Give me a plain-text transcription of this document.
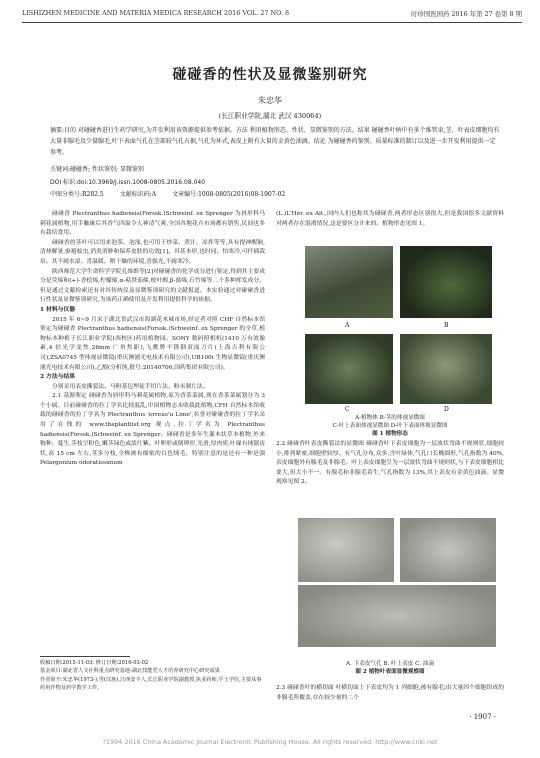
LISHIZHEN MEDICINE AND MATERIA MEDICA RESEARCH 2016 VOL. 27 NO. 8	时珍国医国药 2016 年第 27 卷第 8 期
碰碰香的性状及显微鉴别研究
朱忠华
(长江职业学院,湖北 武汉 430064)
摘要:目的 对碰碰香进行生药学研究,为开发利用该资源提供参考依据。方法 利用植物形态、性状、显微鉴别的方法。结果 碰碰香叶柄中有多个维管束,茎、叶表皮细胞均有大量非腺毛及少量腺毛,叶下表面气孔在茎部较气孔占据,气孔为环式,表皮上附有大量的金黄色油滴。结论 为碰碰香的鉴别、质量标准的制订以及进一步开发利用提供一定参考。
关键词:碰碰香; 性状鉴别; 显微鉴别
DOI 标识:doi:10.3969/j.issn.1008-0805.2016.08.040
中图分类号:R282.5	文献标识码:A	文章编号:1008-0805(2016)08-1907-02

碰碰香 Plectranthus hadiensis(Forssk.)Schweinf. ex Sprenger 为唇形科马刺花属植物,用手触碰后其香气四溢令人神清气爽,全国各地花卉市场都有销售,民间也多有栽培食用。

碰碰香的茎叶可以用来泡茶、泡澡,也可用于炒菜、煮汁、凉拌等等,具有提神醒脑,清热解暑,驱避蚊虫,消炎消肿和保养皮肤的功效[1]。其基本形,也时同。怕寒冷,可扦插栽培。其不耐水湿。喜温暖、稍干燥的环境,喜强光,不耐寒冷。

陕西师范大学生命科学学院孔维维等[2]对碰碰香的化学成分进行鉴定,得到其主要成分是荧烯和(+)-香桧烯,柠檬烯,α-萜澄茄烯,桉叶醇,β-蒎烯,石竹烯等二十多种挥发成分。但是通过文献检索还有对其传统仪及显微鉴别研究的文献报道。本实验通过对碰碰香进行性状及显微鉴别研究,为该药正确使用及开发利用提供科学的依据。

1 材料与仪器

2015 年 6~9 月采于湖北省武汉市海湖花木城市场,经定者对照 CHF 自然标本馆鉴定为碰碰香 Plectranthus hadiensis(Forssk.)Schweinf. ex Sprenger 的全草,植物标本种植于长江职业学院(西校区)药用植物园。SONY 数码照相机(1410 万有效像素,4 倍光学变焦,26mm 广角焦距),飞鹰牌不锈钢双面刀片(上海吉利有限公司),ZSA0745 型体视显微镜(重庆澳浦光电技术有限公司),UB100i 生物显微镜(重庆澳浦光电技术有限公司),乙醇(分析纯,批号:20140706,国药集团有限公司)。

2 方法与结果

分别采用表皮撕裂法、马粉基包埋徒手切片法、粉末制片法。

2.1 基源鉴定 碰碰香为唇形科马刺花属植物,原为香茶菜属,现在香茶菜属划分为 3 个小属。目前碰碰香的拉丁学名比较混乱,中国植物志未收载此植物,CFH 自然标本馆收载的碰碰香的拉丁学名为 Plectranthus 'erreus'u Lime',名誉对碰碰香的拉丁学名采用了在线的 www.theplantlist.org 观点,拉丁学名为 Plectranthus hadiensis(Forssk.)Schweinf. ex Sprenger。碰碰香是多年生灌木状草本植物,外来物种。蔓生,茎枝呈粉色,嫩茎绿色或淡红紫。叶卵形或倒卵形,光滑,厚肉质,叶缘有钝锯齿状,高 15 cm 左右,茎多分枝,全株被有细密的白色绒毛。特别注意的是还有一种是强 Pelargonium odoratissimum

(L.)L'Hér. ex Ait.,国内人们也称其为碰碰香,两者形态区别很大,但是我国很多文献资料对两者存在混淆情况,这是要区分开来的。植物形态见图 1。
A	B
C	D
A-植物体 B-茎的体视显微图
C-叶上表面体视显微图 D-叶下表面体视显微图
图 1 植物形态
2.2 碰碰香叶表皮撕裂法的显微图 碰碰香叶下表皮细胞为一层波状弯曲不规则状,细胞较小,排列紧密,细胞壁较厚。有气孔分布,众多,含叶绿体,气孔口长椭圆形,气孔指数为 40%,表皮细胞外有腺毛及非腺毛。叶上表皮细胞呈为一层波状弯曲不规则状,与下表皮细胞相比要大,但大小不一。有腺毛和非腺毛着生,气孔指数为 13%,其上表皮有金黄色油滴。显微观察见图 2。
A. 下表皮气孔 B. 叶上表皮 C. 油滴
图 2 植物叶表面显微观察图
2.3 碰碰香叶的横切面 叶横切面上下表皮均为 1 列细胞,被有腺毛;由大量四个细胞组成的非腺毛所覆盖,存在较少量的二个
收稿日期:2015-11-03; 修订日期:2016-03-02
基金项目:湖北省人文社科重点研究基地-湖北技能型人才培养研究中心研究成果
作者简介:朱忠华(1973-),男(汉族),江西安丰人,长江职业学院副教授,执业药师,学士学位,主要从事药用作物及药学教学工作。
· 1907 ·
?1994-2016 China Academic Journal Electronic Publishing House. All rights reserved. http://www.cnki.net
